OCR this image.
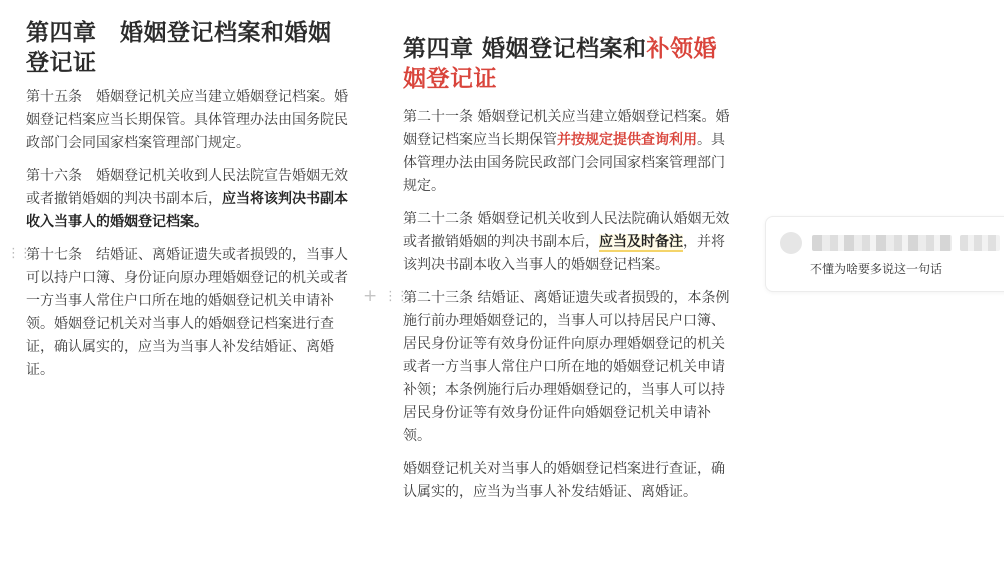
第四章　婚姻登记档案和婚姻登记证

第十五条　婚姻登记机关应当建立婚姻登记档案。婚姻登记档案应当长期保管。具体管理办法由国务院民政部门会同国家档案管理部门规定。

第十六条　婚姻登记机关收到人民法院宣告婚姻无效或者撤销婚姻的判决书副本后，应当将该判决书副本收入当事人的婚姻登记档案。

⋮⋮

第十七条　结婚证、离婚证遗失或者损毁的，当事人可以持户口簿、身份证向原办理婚姻登记的机关或者一方当事人常住户口所在地的婚姻登记机关申请补领。婚姻登记机关对当事人的婚姻登记档案进行查证，确认属实的，应当为当事人补发结婚证、离婚证。

第四章 婚姻登记档案和补领婚姻登记证

第二十一条 婚姻登记机关应当建立婚姻登记档案。婚姻登记档案应当长期保管并按规定提供查询利用。具体管理办法由国务院民政部门会同国家档案管理部门规定。

第二十二条 婚姻登记机关收到人民法院确认婚姻无效或者撤销婚姻的判决书副本后，应当及时备注，并将该判决书副本收入当事人的婚姻登记档案。

+ ⋮⋮

第二十三条 结婚证、离婚证遗失或者损毁的，本条例施行前办理婚姻登记的，当事人可以持居民户口簿、居民身份证等有效身份证件向原办理婚姻登记的机关或者一方当事人常住户口所在地的婚姻登记机关申请补领；本条例施行后办理婚姻登记的，当事人可以持居民身份证等有效身份证件向婚姻登记机关申请补领。

婚姻登记机关对当事人的婚姻登记档案进行查证，确认属实的，应当为当事人补发结婚证、离婚证。

不懂为啥要多说这一句话
